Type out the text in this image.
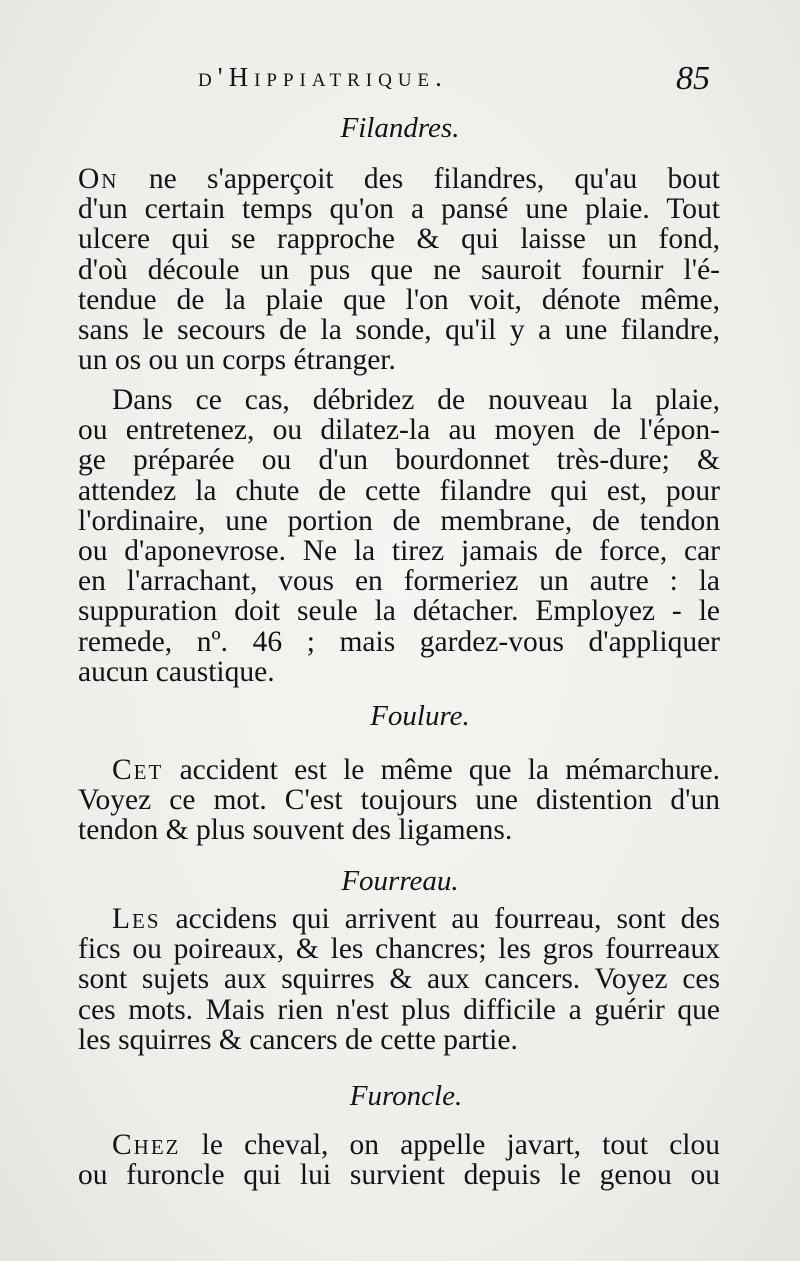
d'Hippiatrique.	85
Filandres.

On ne s'apperçoit des filandres, qu'au bout
d'un certain temps qu'on a pansé une plaie. Tout
ulcere qui se rapproche & qui laisse un fond,
d'où découle un pus que ne sauroit fournir l'é-
tendue de la plaie que l'on voit, dénote même,
sans le secours de la sonde, qu'il y a une filandre,
un os ou un corps étranger.

Dans ce cas, débridez de nouveau la plaie,
ou entretenez, ou dilatez-la au moyen de l'épon-
ge préparée ou d'un bourdonnet très-dure; &
attendez la chute de cette filandre qui est, pour
l'ordinaire, une portion de membrane, de tendon
ou d'aponevrose. Ne la tirez jamais de force, car
en l'arrachant, vous en formeriez un autre : la
suppuration doit seule la détacher. Employez - le
remede, nº. 46 ; mais gardez-vous d'appliquer
aucun caustique.

Foulure.

Cet accident est le même que la mémarchure.
Voyez ce mot. C'est toujours une distention d'un
tendon & plus souvent des ligamens.

Fourreau.

Les accidens qui arrivent au fourreau, sont des
fics ou poireaux, & les chancres; les gros fourreaux
sont sujets aux squirres & aux cancers. Voyez ces
ces mots. Mais rien n'est plus difficile a guérir que
les squirres & cancers de cette partie.

Furoncle.

Chez le cheval, on appelle javart, tout clou
ou furoncle qui lui survient depuis le genou ou
